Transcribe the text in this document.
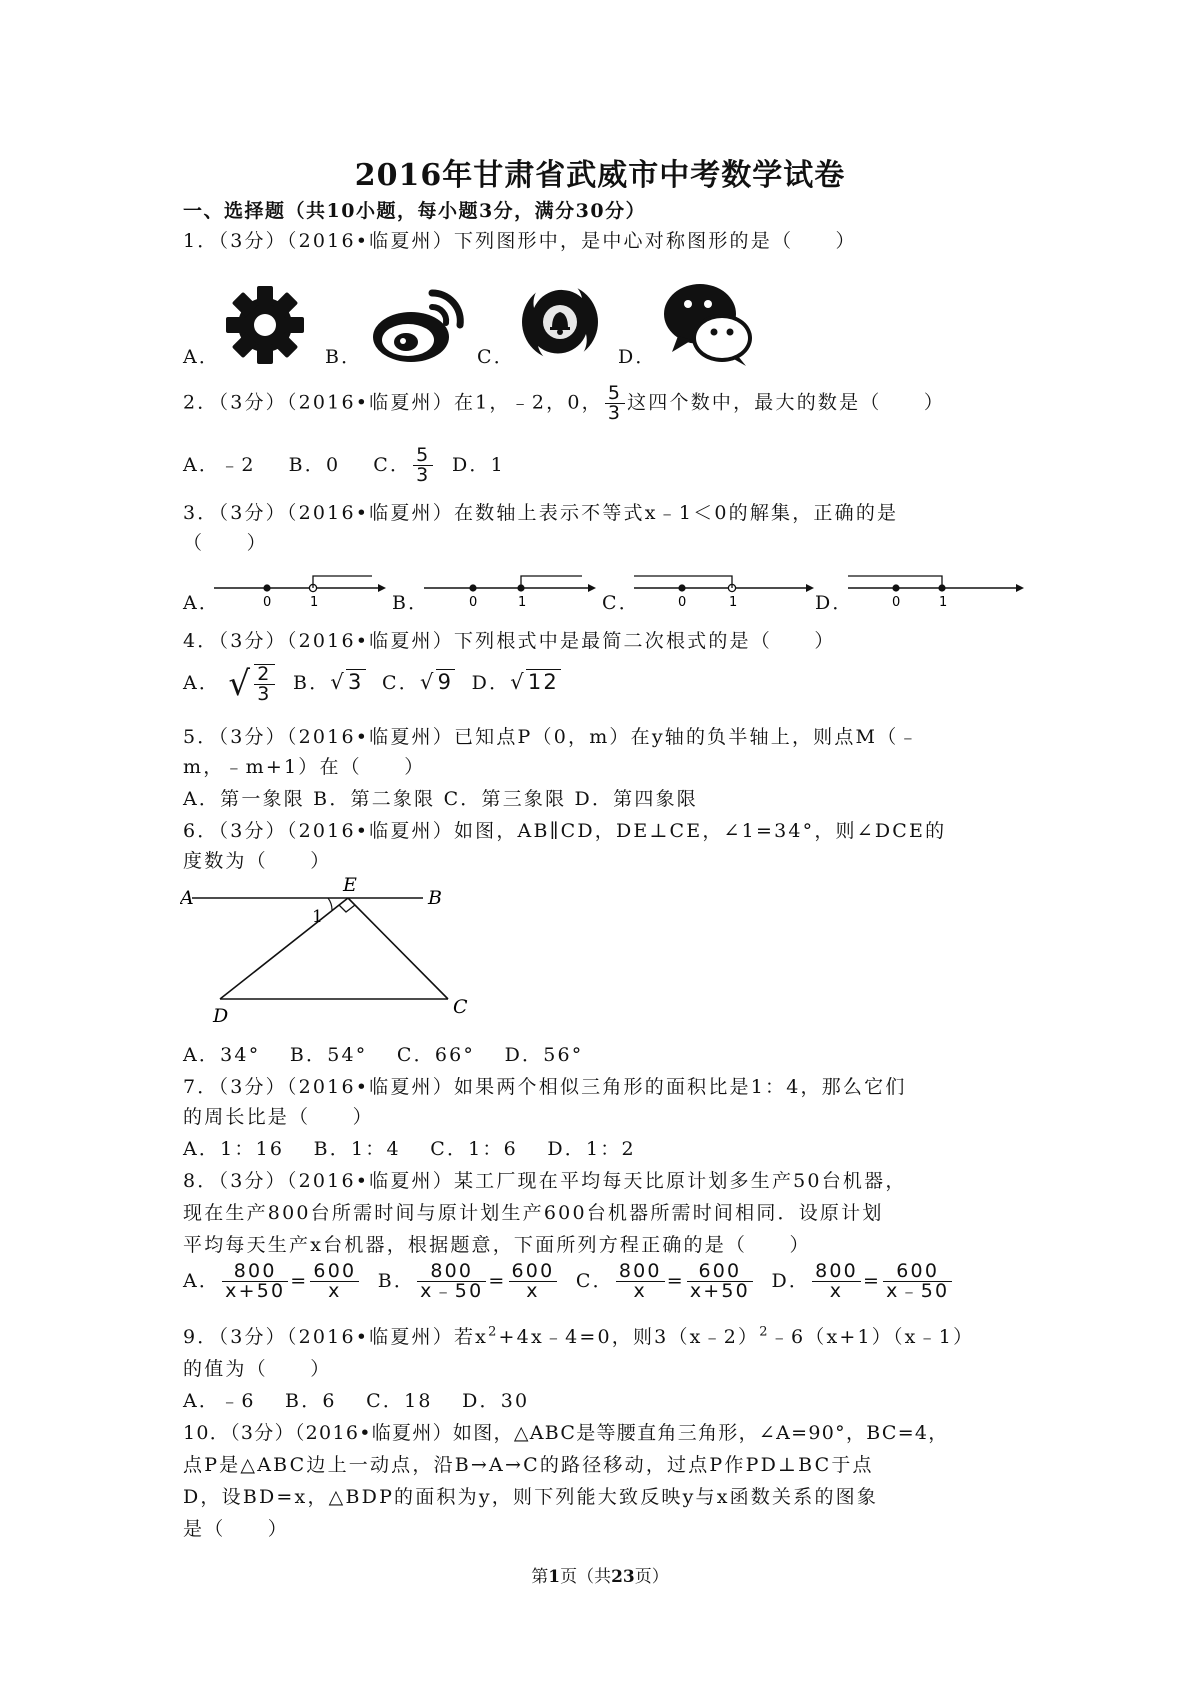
2016年甘肃省武威市中考数学试卷
一、选择题（共10小题，每小题3分，满分30分）
1．（3分）（2016•临夏州）下列图形中，是中心对称图形的是（　　）
A．	B．	C．	D．
2．（3分）（2016•临夏州）在1，﹣2，0， $\frac{5}{3}$ 这四个数中，最大的数是（　　）
A．﹣2 B．0 C． $\frac{5}{3}$ D．1
3．（3分）（2016•临夏州）在数轴上表示不等式x﹣1＜0的解集，正确的是
（　　）
A．	B．	C．	D．
0	1	0	1	0	1	0	1
4．（3分）（2016•临夏州）下列根式中是最简二次根式的是（　　）
A． √ $\frac{2}{3}$ B．√3 C．√9 D．√12
5．（3分）（2016•临夏州）已知点P（0，m）在y轴的负半轴上，则点M（﹣
m，﹣m+1）在（　　）
A．第一象限 B．第二象限 C．第三象限 D．第四象限
6．（3分）（2016•临夏州）如图，AB∥CD，DE⊥CE，∠1=34°，则∠DCE的
度数为（　　）
A	B
E
1
D	C
A．34°　 B．54°　 C．66°　 D．56°
7．（3分）（2016•临夏州）如果两个相似三角形的面积比是1：4，那么它们
的周长比是（　　）
A．1：16　 B．1：4　 C．1：6　 D．1：2
8．（3分）（2016•临夏州）某工厂现在平均每天比原计划多生产50台机器，
现在生产800台所需时间与原计划生产600台机器所需时间相同．设原计划
平均每天生产x台机器，根据题意，下面所列方程正确的是（　　）
A． $\frac{800}{x+50} = \frac{600}{x}$ B． $\frac{800}{x﹣50} = \frac{600}{x}$ C． $\frac{800}{x} = \frac{600}{x+50}$ D． $\frac{800}{x} = \frac{600}{x﹣50}$
9．（3分）（2016•临夏州）若$x^2+4x﹣4=0$，则3（x﹣2）$^2$﹣6（x+1）（x﹣1）
的值为（　　）
A．﹣6　 B．6　 C．18　 D．30
10．（3分）（2016•临夏州）如图，△ABC是等腰直角三角形，∠A=90°，BC=4，
点P是△ABC边上一动点，沿B→A→C的路径移动，过点P作PD⊥BC于点
D，设BD=x，△BDP的面积为y，则下列能大致反映y与x函数关系的图象
是（　　）
第1页（共23页）
